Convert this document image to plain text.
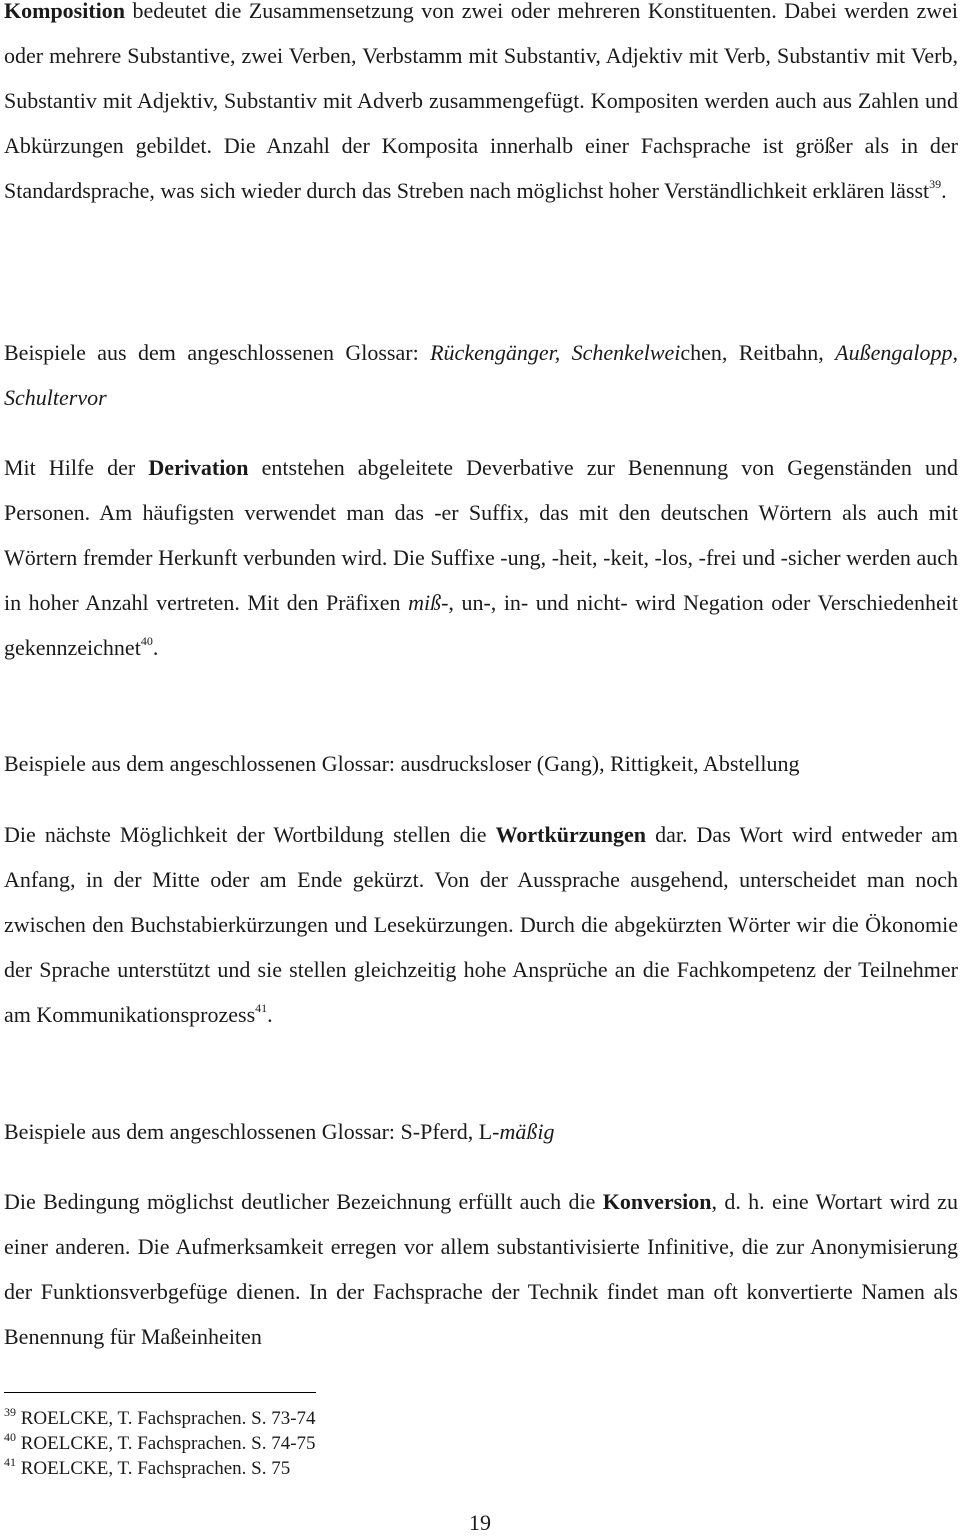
Komposition bedeutet die Zusammensetzung von zwei oder mehreren Konstituenten. Dabei werden zwei oder mehrere Substantive, zwei Verben, Verbstamm mit Substantiv, Adjektiv mit Verb, Substantiv mit Verb, Substantiv mit Adjektiv, Substantiv mit Adverb zusammengefügt. Kompositen werden auch aus Zahlen und Abkürzungen gebildet. Die Anzahl der Komposita innerhalb einer Fachsprache ist größer als in der Standardsprache, was sich wieder durch das Streben nach möglichst hoher Verständlichkeit erklären lässt$^{39}$.

Beispiele aus dem angeschlossenen Glossar: Rückengänger, Schenkelweichen, Reitbahn, Außengalopp, Schultervor

Mit Hilfe der Derivation entstehen abgeleitete Deverbative zur Benennung von Gegenständen und Personen. Am häufigsten verwendet man das -er Suffix, das mit den deutschen Wörtern als auch mit Wörtern fremder Herkunft verbunden wird. Die Suffixe -ung, -heit, -keit, -los, -frei und -sicher werden auch in hoher Anzahl vertreten. Mit den Präfixen miß-, un-, in- und nicht- wird Negation oder Verschiedenheit gekennzeichnet$^{40}$.

Beispiele aus dem angeschlossenen Glossar: ausdrucksloser (Gang), Rittigkeit, Abstellung

Die nächste Möglichkeit der Wortbildung stellen die Wortkürzungen dar. Das Wort wird entweder am Anfang, in der Mitte oder am Ende gekürzt. Von der Aussprache ausgehend, unterscheidet man noch zwischen den Buchstabierkürzungen und Lesekürzungen. Durch die abgekürzten Wörter wir die Ökonomie der Sprache unterstützt und sie stellen gleichzeitig hohe Ansprüche an die Fachkompetenz der Teilnehmer am Kommunikationsprozess$^{41}$.

Beispiele aus dem angeschlossenen Glossar: S-Pferd, L-mäßig

Die Bedingung möglichst deutlicher Bezeichnung erfüllt auch die Konversion, d. h. eine Wortart wird zu einer anderen. Die Aufmerksamkeit erregen vor allem substantivisierte Infinitive, die zur Anonymisierung der Funktionsverbgefüge dienen. In der Fachsprache der Technik findet man oft konvertierte Namen als Benennung für Maßeinheiten

$^{39}$ ROELCKE, T. Fachsprachen. S. 73-74
$^{40}$ ROELCKE, T. Fachsprachen. S. 74-75
$^{41}$ ROELCKE, T. Fachsprachen. S. 75
19
